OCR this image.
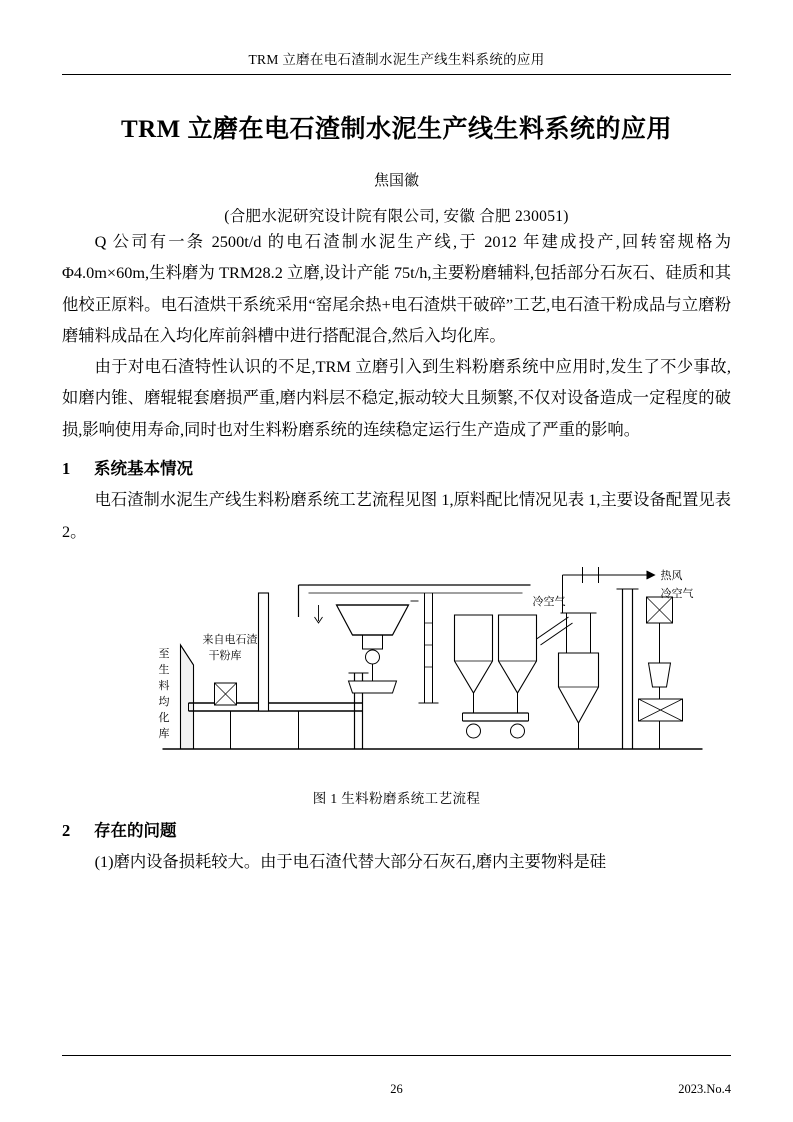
TRM 立磨在电石渣制水泥生产线生料系统的应用
TRM 立磨在电石渣制水泥生产线生料系统的应用
焦国徽
(合肥水泥研究设计院有限公司, 安徽 合肥 230051)

Q 公司有一条 2500t/d 的电石渣制水泥生产线,于 2012 年建成投产,回转窑规格为Φ4.0m×60m,生料磨为 TRM28.2 立磨,设计产能 75t/h,主要粉磨辅料,包括部分石灰石、硅质和其他校正原料。电石渣烘干系统采用“窑尾余热+电石渣烘干破碎”工艺,电石渣干粉成品与立磨粉磨辅料成品在入均化库前斜槽中进行搭配混合,然后入均化库。

由于对电石渣特性认识的不足,TRM 立磨引入到生料粉磨系统中应用时,发生了不少事故,如磨内锥、磨辊辊套磨损严重,磨内料层不稳定,振动较大且频繁,不仅对设备造成一定程度的破损,影响使用寿命,同时也对生料粉磨系统的连续稳定运行生产造成了严重的影响。

1 系统基本情况

电石渣制水泥生产线生料粉磨系统工艺流程见图 1,原料配比情况见表 1,主要设备配置见表 2。

热风
冷空气
冷空气
来自电石渣
干粉库
至
生
料
均
化
库
图 1 生料粉磨系统工艺流程
2 存在的问题

(1)磨内设备损耗较大。由于电石渣代替大部分石灰石,磨内主要物料是硅

26	2023.No.4
